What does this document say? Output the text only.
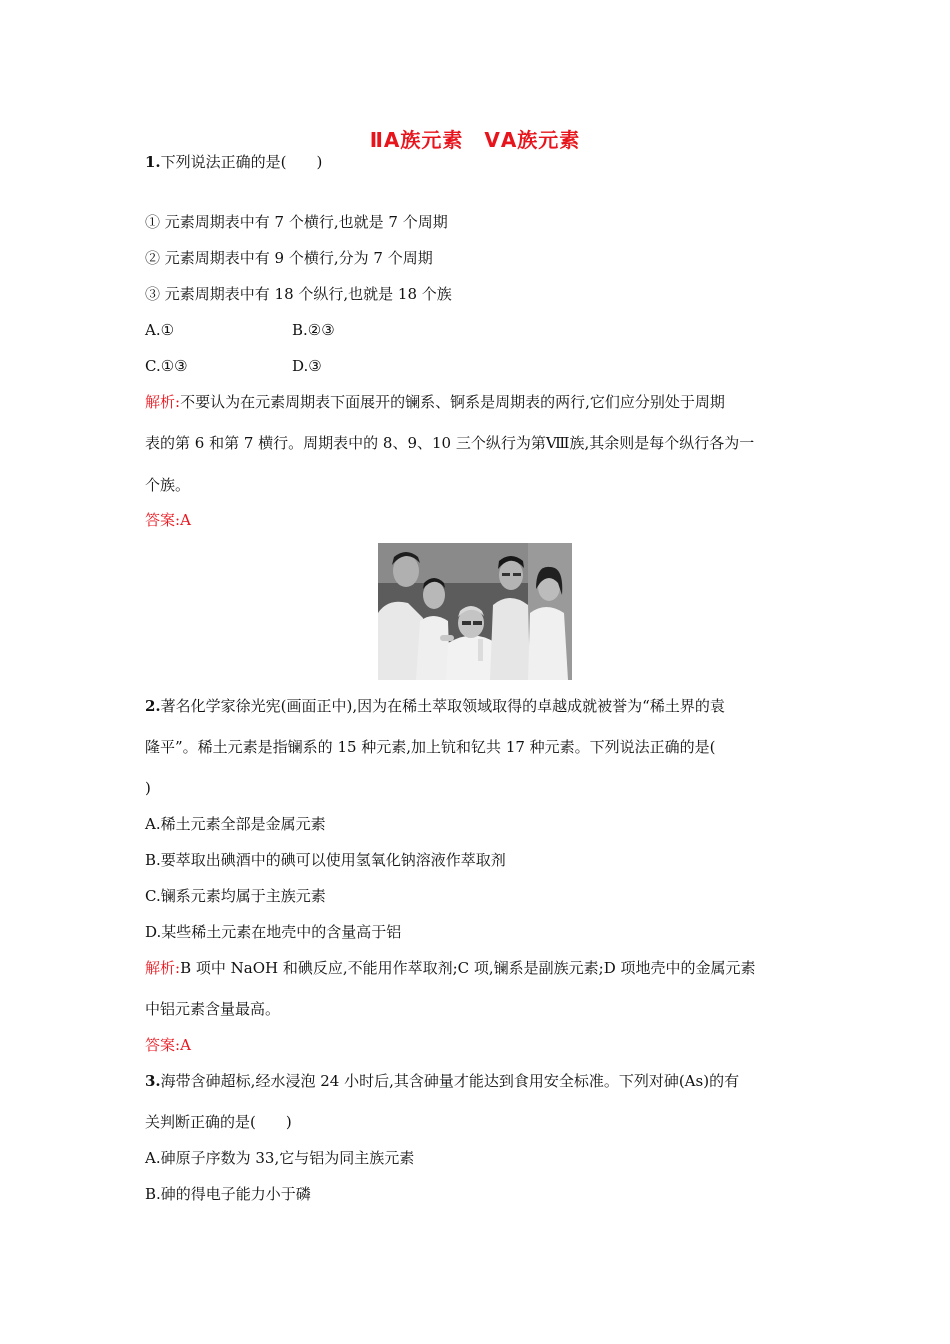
ⅡA族元素　ⅤA族元素
1.下列说法正确的是(　　)
① 元素周期表中有 7 个横行,也就是 7 个周期
② 元素周期表中有 9 个横行,分为 7 个周期
③ 元素周期表中有 18 个纵行,也就是 18 个族
A.①	B.②③
C.①③	D.③
解析:不要认为在元素周期表下面展开的镧系、锕系是周期表的两行,它们应分别处于周期
表的第 6 和第 7 横行。周期表中的 8、9、10 三个纵行为第Ⅷ族,其余则是每个纵行各为一
个族。
答案:A
2.著名化学家徐光宪(画面正中),因为在稀土萃取领域取得的卓越成就被誉为“稀土界的袁
隆平”。稀土元素是指镧系的 15 种元素,加上钪和钇共 17 种元素。下列说法正确的是(
)
A.稀土元素全部是金属元素
B.要萃取出碘酒中的碘可以使用氢氧化钠溶液作萃取剂
C.镧系元素均属于主族元素
D.某些稀土元素在地壳中的含量高于铝
解析:B 项中 NaOH 和碘反应,不能用作萃取剂;C 项,镧系是副族元素;D 项地壳中的金属元素
中铝元素含量最高。
答案:A
3.海带含砷超标,经水浸泡 24 小时后,其含砷量才能达到食用安全标准。下列对砷(As)的有
关判断正确的是(　　)
A.砷原子序数为 33,它与铝为同主族元素
B.砷的得电子能力小于磷
